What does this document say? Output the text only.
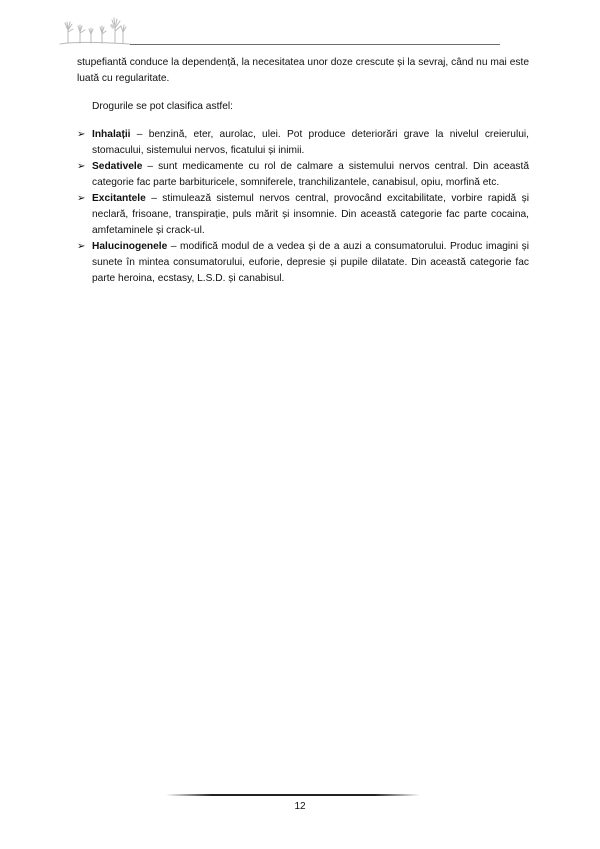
stupefiantă conduce la dependență, la necesitatea unor doze crescute și la sevraj, când nu mai este luată cu regularitate.

Drogurile se pot clasifica astfel:

➢ Inhalații – benzină, eter, aurolac, ulei. Pot produce deteriorări grave la nivelul creierului, stomacului, sistemului nervos, ficatului și inimii.
➢ Sedativele – sunt medicamente cu rol de calmare a sistemului nervos central. Din această categorie fac parte barbituricele, somniferele, tranchilizantele, canabisul, opiu, morfină etc.
➢ Excitantele – stimulează sistemul nervos central, provocând excitabilitate, vorbire rapidă și neclară, frisoane, transpirație, puls mărit și insomnie. Din această categorie fac parte cocaina, amfetaminele și crack-ul.
➢ Halucinogenele – modifică modul de a vedea și de a auzi a consumatorului. Produc imagini și sunete în mintea consumatorului, euforie, depresie și pupile dilatate. Din această categorie fac parte heroina, ecstasy, L.S.D. și canabisul.
12
